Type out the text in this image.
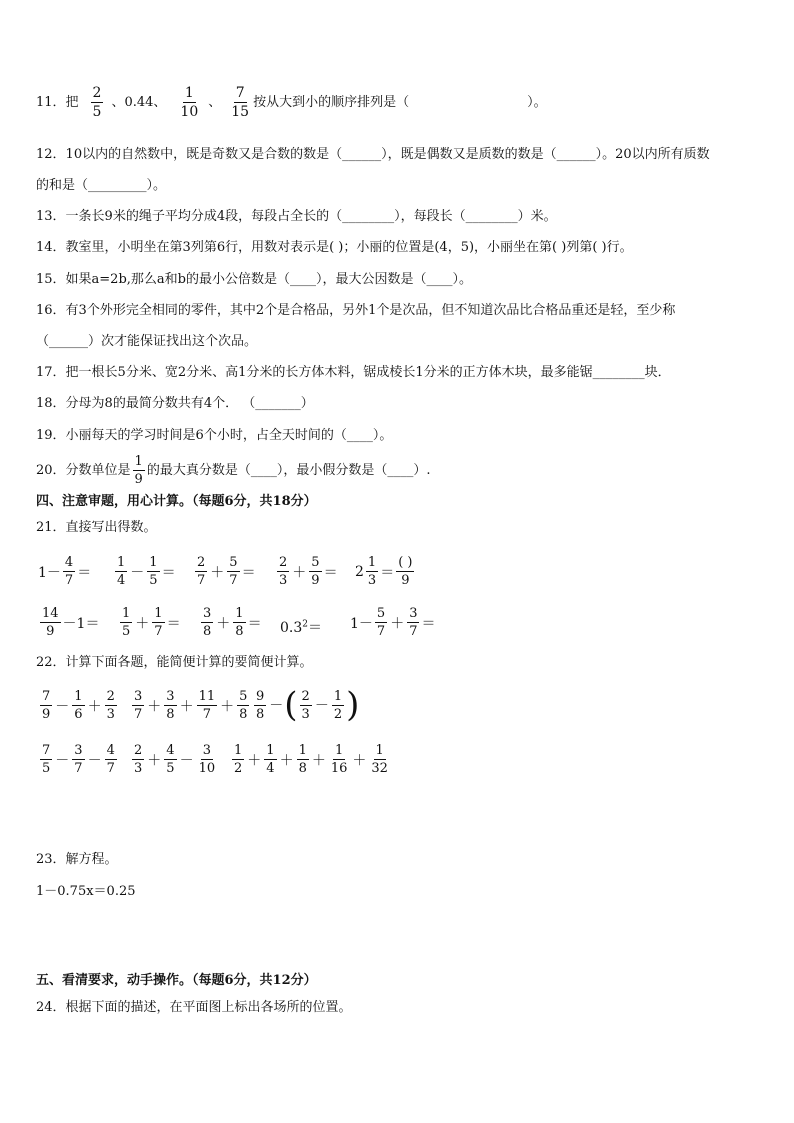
11．把 $\frac{2}{5}$ 、0.44、 $\frac{1}{10}$ 、 $\frac{7}{15}$ 按从大到小的顺序排列是（	）。
12．10以内的自然数中，既是奇数又是合数的数是（______），既是偶数又是质数的数是（______）。20以内所有质数
的和是（_________）。
13．一条长9米的绳子平均分成4段，每段占全长的（________），每段长（________）米。
14．教室里，小明坐在第3列第6行，用数对表示是( )；小丽的位置是(4，5)，小丽坐在第( )列第( )行。
15．如果a=2b,那么a和b的最小公倍数是（____），最大公因数是（____）。
16．有3个外形完全相同的零件，其中2个是合格品，另外1个是次品，但不知道次品比合格品重还是轻，至少称
（______）次才能保证找出这个次品。
17．把一根长5分米、宽2分米、高1分米的长方体木料，锯成棱长1分米的正方体木块，最多能锯________块．
18．分母为8的最简分数共有4个． （_______）
19．小丽每天的学习时间是6个小时，占全天时间的（____）。
20．分数单位是 $\frac{1}{9}$ 的最大真分数是（____），最小假分数是（____）.
四、注意审题，用心计算。（每题6分，共18分）
21．直接写出得数。
$1- \frac{4}{7} = \frac{1}{4} - \frac{1}{5} = \frac{2}{7} + \frac{5}{7} = \frac{2}{3} + \frac{5}{9} = 2 \frac{1}{3} = \frac{( )}{9}$
$\frac{14}{9} -1= \frac{1}{5} + \frac{1}{7} = \frac{3}{8} + \frac{1}{8} = 0.3^2= 1- \frac{5}{7} + \frac{3}{7}$ ＝
22．计算下面各题，能简便计算的要简便计算。
$\frac{7}{9} - \frac{1}{6} + \frac{2}{3} \frac{3}{7} + \frac{3}{8} + \frac{11}{7} + \frac{5}{8} \frac{9}{8}$ － ( $\frac{2}{3} - \frac{1}{2}$ )
$\frac{7}{5} - \frac{3}{7} - \frac{4}{7} \frac{2}{3} + \frac{4}{5} - \frac{3}{10} \frac{1}{2} + \frac{1}{4} + \frac{1}{8} + \frac{1}{16} + \frac{1}{32}$
23．解方程。
1－0.75x＝0.25
五、看清要求，动手操作。（每题6分，共12分）
24．根据下面的描述，在平面图上标出各场所的位置。
